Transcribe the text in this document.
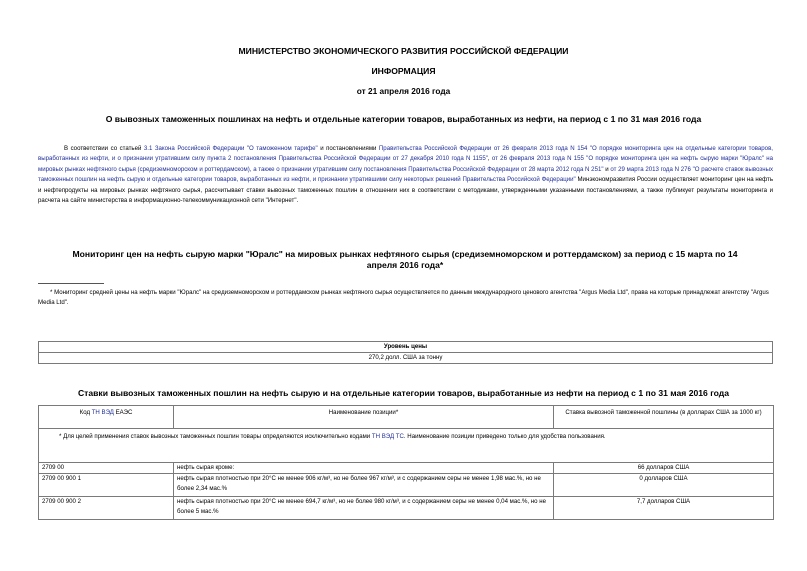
МИНИСТЕРСТВО ЭКОНОМИЧЕСКОГО РАЗВИТИЯ РОССИЙСКОЙ ФЕДЕРАЦИИ
ИНФОРМАЦИЯ
от 21 апреля 2016 года
О вывозных таможенных пошлинах на нефть и отдельные категории товаров, выработанных из нефти, на период с 1 по 31 мая 2016 года
В соответствии со статьей 3.1 Закона Российской Федерации "О таможенном тарифе" и постановлениями Правительства Российской Федерации от 26 февраля 2013 года N 154 "О порядке мониторинга цен на отдельные категории товаров, выработанных из нефти, и о признании утратившим силу пункта 2 постановления Правительства Российской Федерации от 27 декабря 2010 года N 1155", от 26 февраля 2013 года N 155 "О порядке мониторинга цен на нефть сырую марки "Юралс" на мировых рынках нефтяного сырья (средиземноморском и роттердамском), а также о признании утратившим силу постановления Правительства Российской Федерации от 28 марта 2012 года N 251" и от 29 марта 2013 года N 276 "О расчете ставок вывозных таможенных пошлин на нефть сырую и отдельные категории товаров, выработанных из нефти, и признании утратившими силу некоторых решений Правительства Российской Федерации" Минэкономразвития России осуществляет мониторинг цен на нефть и нефтепродукты на мировых рынках нефтяного сырья, рассчитывает ставки вывозных таможенных пошлин в отношении них в соответствии с методиками, утвержденными указанными постановлениями, а также публикует результаты мониторинга и расчета на сайте министерства в информационно-телекоммуникационной сети "Интернет".
Мониторинг цен на нефть сырую марки "Юралс" на мировых рынках нефтяного сырья (средиземноморском и роттердамском) за период с 15 марта по 14 апреля 2016 года*
* Мониторинг средней цены на нефть марки "Юралс" на средиземноморском и роттердамском рынках нефтяного сырья осуществляется по данным международного ценового агентства "Argus Media Ltd", права на которые принадлежат агентству "Argus Media Ltd".
Уровень цены
270,2 долл. США за тонну
Ставки вывозных таможенных пошлин на нефть сырую и на отдельные категории товаров, выработанные из нефти на период с 1 по 31 мая 2016 года
Код ТН ВЭД ЕАЭС	Наименование позиции*	Ставка вывозной таможенной пошлины (в долларах США за 1000 кг)
* Для целей применения ставок вывозных таможенных пошлин товары определяются исключительно кодами ТН ВЭД ТС. Наименование позиции приведено только для удобства пользования.		
2709 00	нефть сырая кроме:	66 долларов США
2709 00 900 1	нефть сырая плотностью при 20°С не менее 906 кг/м³, но не более 967 кг/м³, и с содержанием серы не менее 1,98 мас.%, но не более 2,34 мас.%	0 долларов США
2709 00 900 2	нефть сырая плотностью при 20°С не менее 694,7 кг/м³, но не более 980 кг/м³, и с содержанием серы не менее 0,04 мас.%, но не более 5 мас.%	7,7 долларов США
